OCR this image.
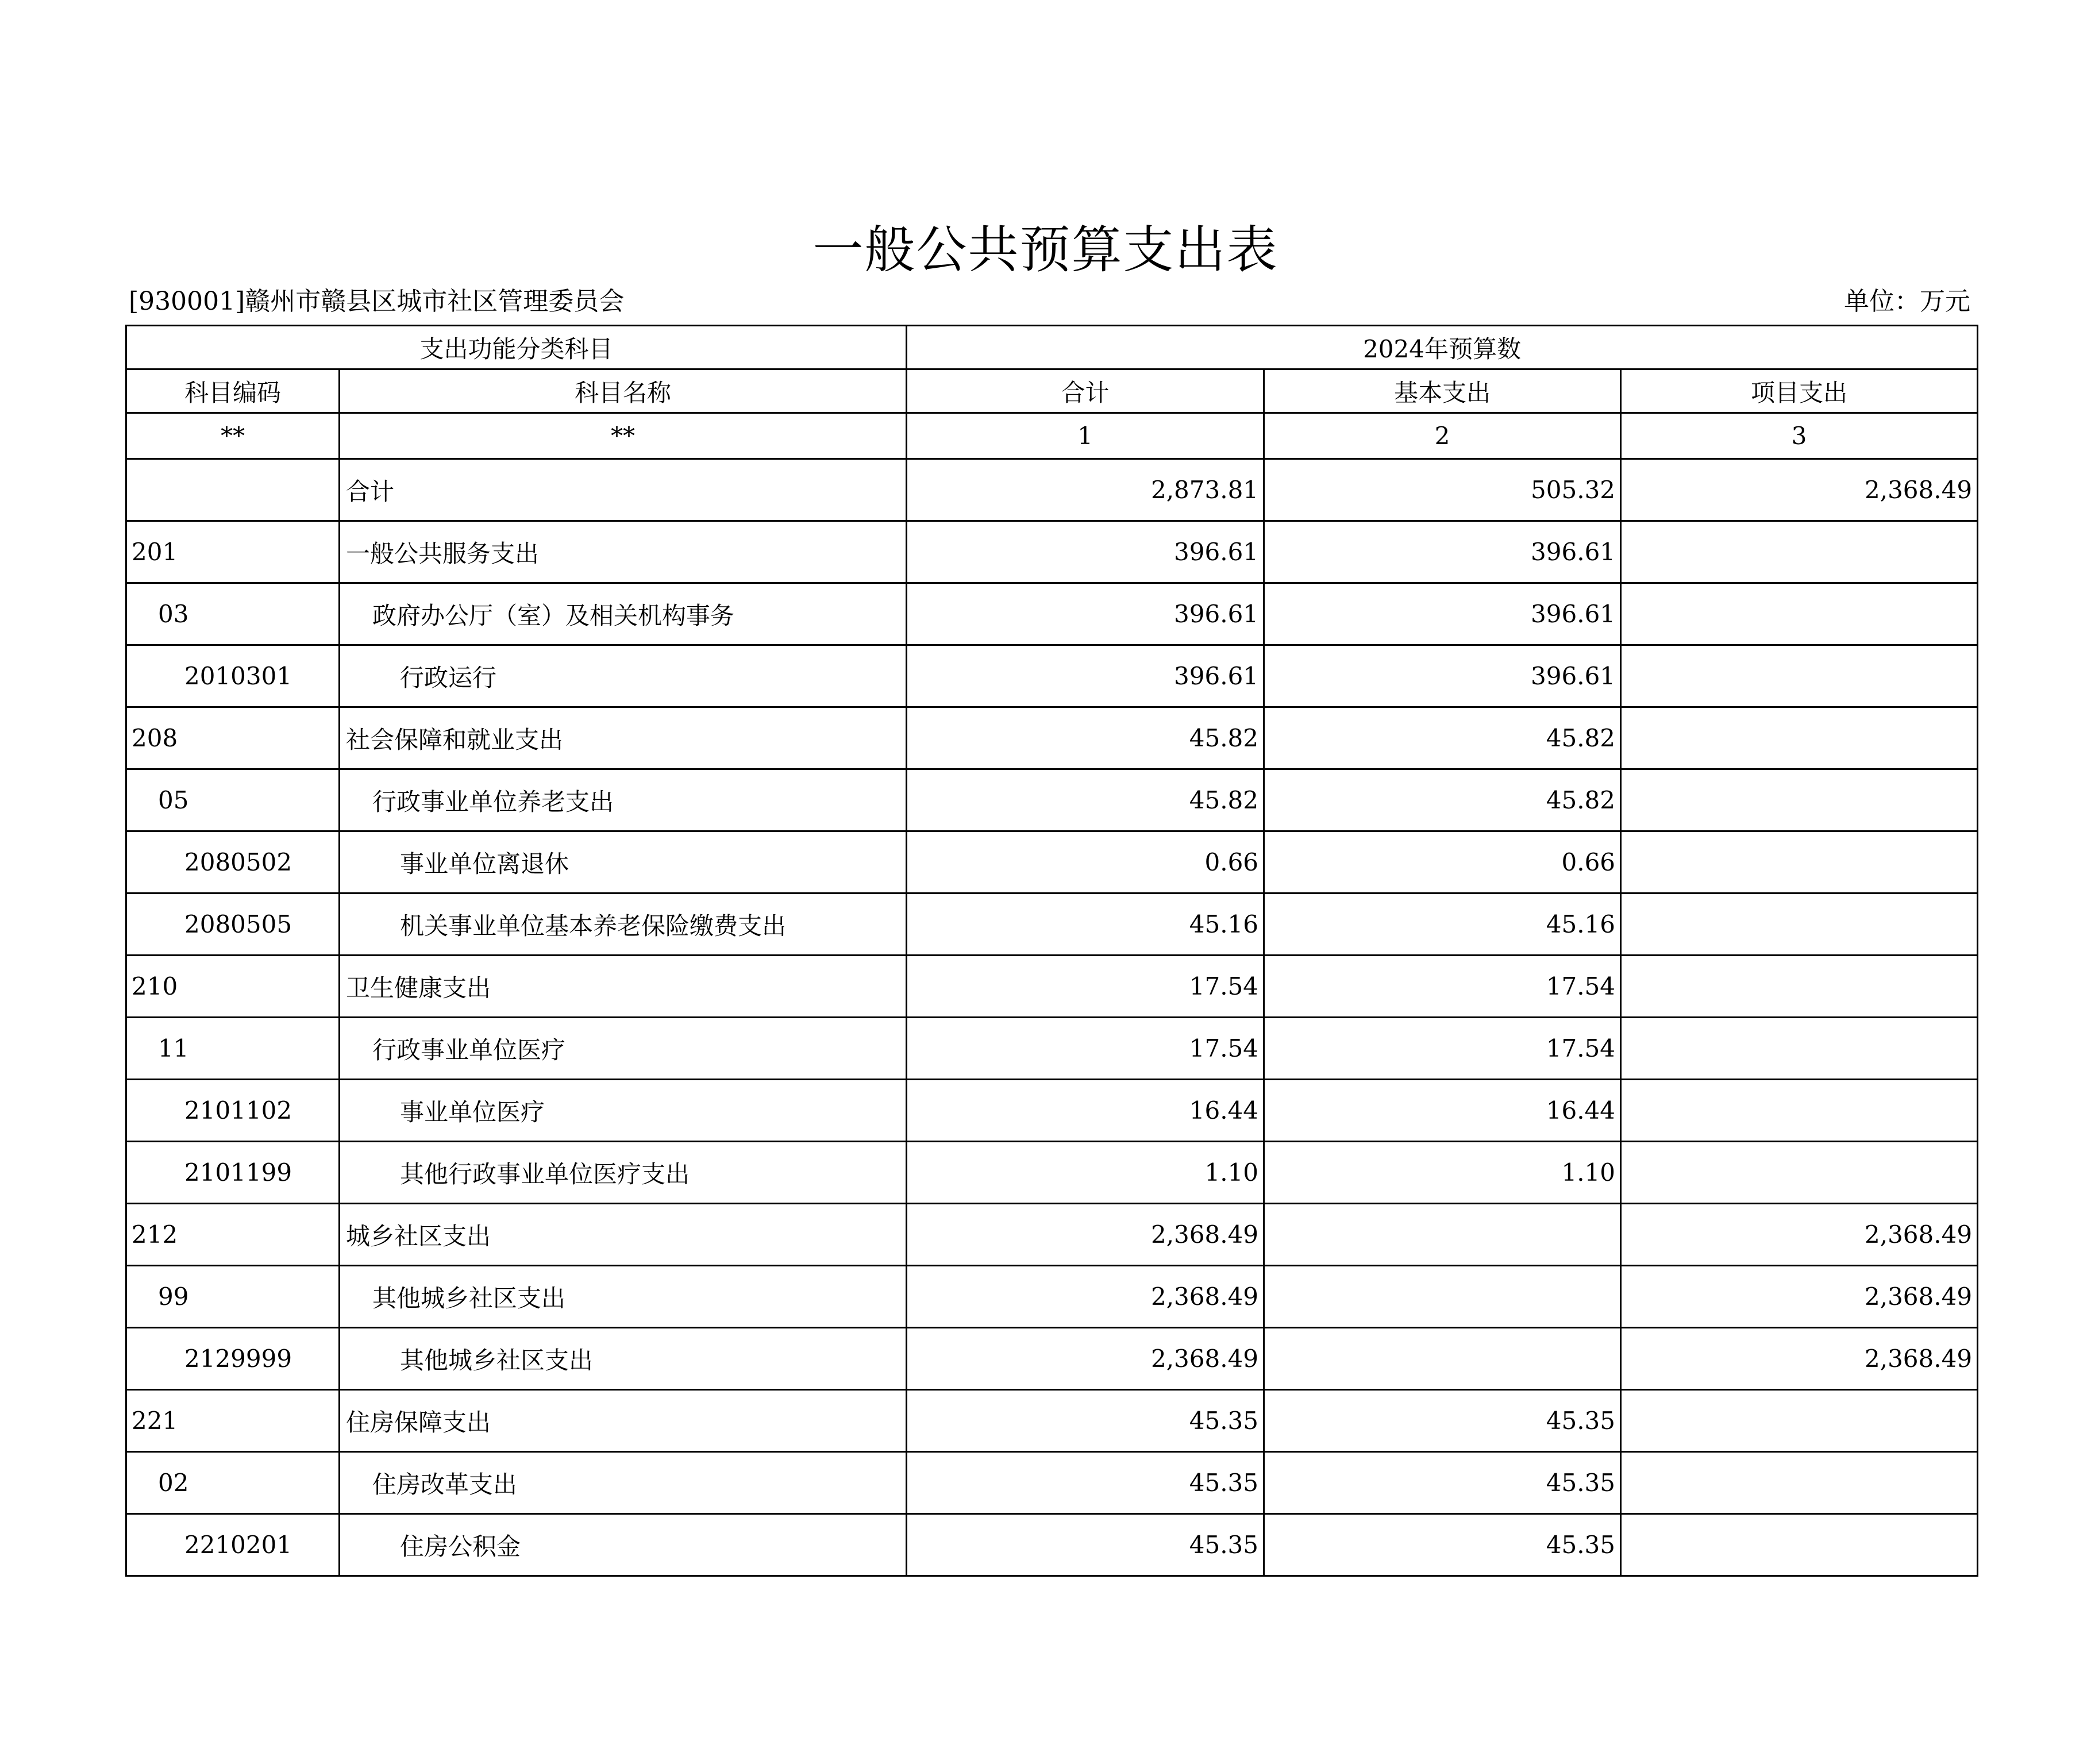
一般公共预算支出表
[930001]赣州市赣县区城市社区管理委员会	单位：万元
支出功能分类科目		2024年预算数		
科目编码	科目名称	合计	基本支出	项目支出
**	**	1	2	3
	合计	2,873.81	505.32	2,368.49
201	一般公共服务支出	396.61	396.61	
03	政府办公厅（室）及相关机构事务	396.61	396.61	
2010301	行政运行	396.61	396.61	
208	社会保障和就业支出	45.82	45.82	
05	行政事业单位养老支出	45.82	45.82	
2080502	事业单位离退休	0.66	0.66	
2080505	机关事业单位基本养老保险缴费支出	45.16	45.16	
210	卫生健康支出	17.54	17.54	
11	行政事业单位医疗	17.54	17.54	
2101102	事业单位医疗	16.44	16.44	
2101199	其他行政事业单位医疗支出	1.10	1.10	
212	城乡社区支出	2,368.49		2,368.49
99	其他城乡社区支出	2,368.49		2,368.49
2129999	其他城乡社区支出	2,368.49		2,368.49
221	住房保障支出	45.35	45.35	
02	住房改革支出	45.35	45.35	
2210201	住房公积金	45.35	45.35	
